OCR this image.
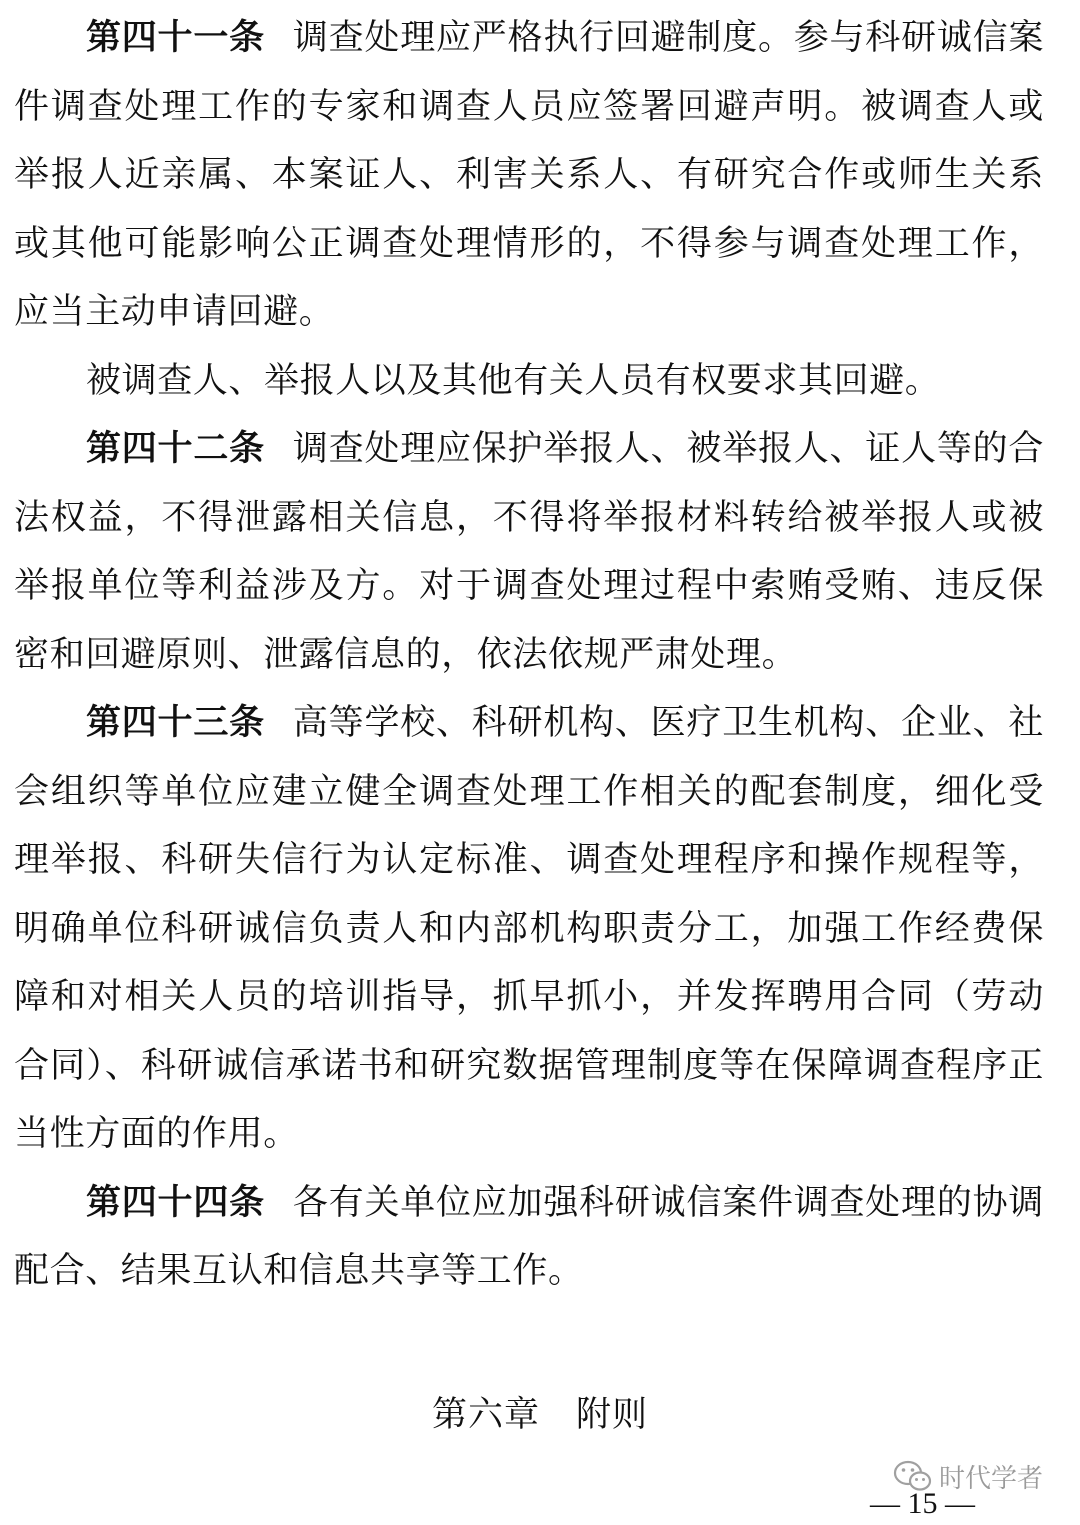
第四十一条 调查处理应严格执行回避制度。参与科研诚信案件调查处理工作的专家和调查人员应签署回避声明。被调查人或举报人近亲属、本案证人、利害关系人、有研究合作或师生关系或其他可能影响公正调查处理情形的，不得参与调查处理工作，应当主动申请回避。

被调查人、举报人以及其他有关人员有权要求其回避。

第四十二条 调查处理应保护举报人、被举报人、证人等的合法权益，不得泄露相关信息，不得将举报材料转给被举报人或被举报单位等利益涉及方。对于调查处理过程中索贿受贿、违反保密和回避原则、泄露信息的，依法依规严肃处理。

第四十三条 高等学校、科研机构、医疗卫生机构、企业、社会组织等单位应建立健全调查处理工作相关的配套制度，细化受理举报、科研失信行为认定标准、调查处理程序和操作规程等，明确单位科研诚信负责人和内部机构职责分工，加强工作经费保障和对相关人员的培训指导，抓早抓小，并发挥聘用合同（劳动合同）、科研诚信承诺书和研究数据管理制度等在保障调查程序正当性方面的作用。

第四十四条 各有关单位应加强科研诚信案件调查处理的协调配合、结果互认和信息共享等工作。

第六章 附则
时代学者
— 15 —
